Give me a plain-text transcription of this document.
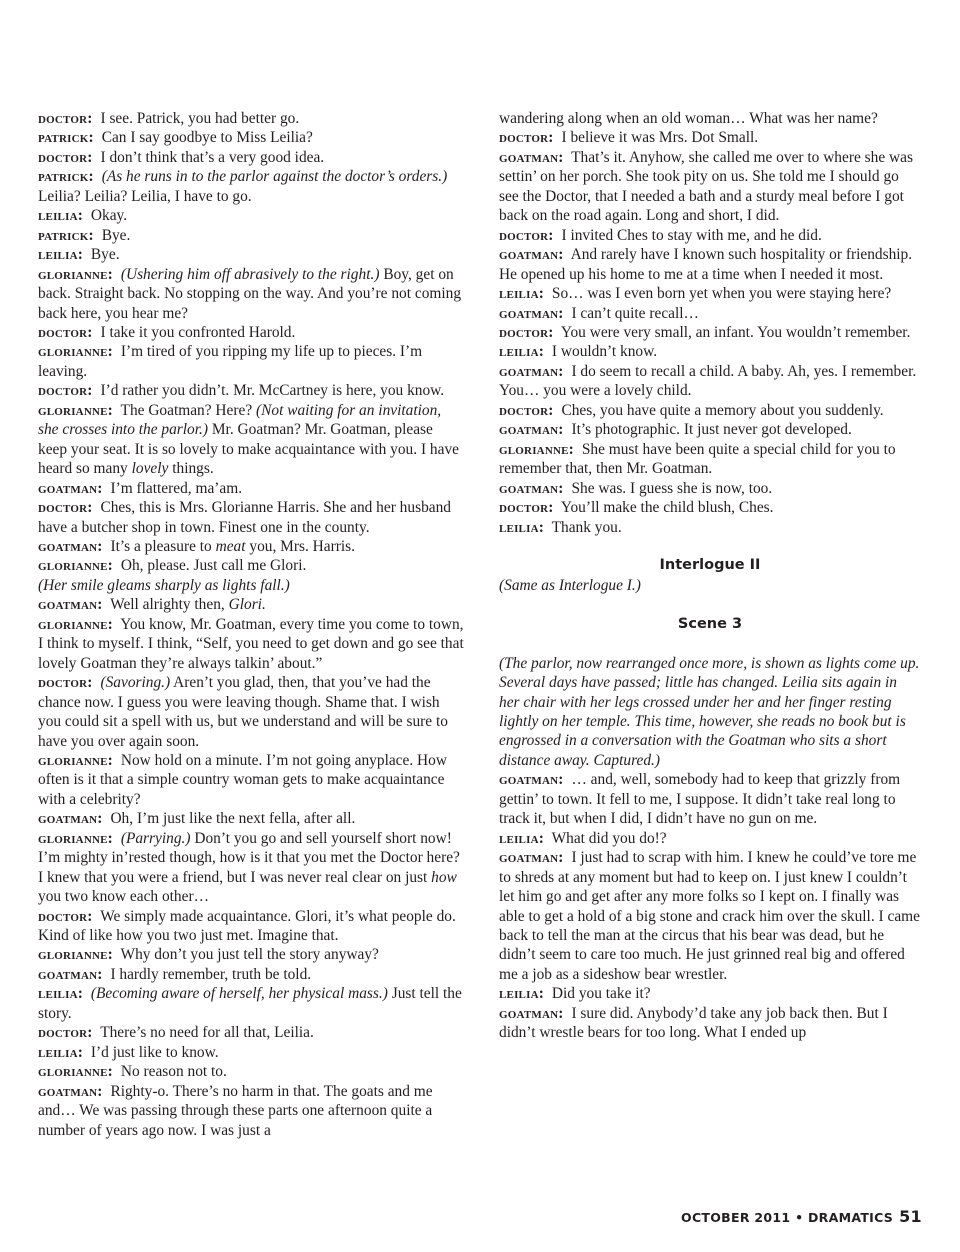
doctor: I see. Patrick, you had better go.

patrick: Can I say goodbye to Miss Leilia?

doctor: I don’t think that’s a very good idea.

patrick: (As he runs in to the parlor against the doctor’s orders.) Leilia? Leilia? Leilia, I have to go.

leilia: Okay.

patrick: Bye.

leilia: Bye.

glorianne: (Ushering him off abrasively to the right.) Boy, get on back. Straight back. No stopping on the way. And you’re not coming back here, you hear me?

doctor: I take it you confronted Harold.

glorianne: I’m tired of you ripping my life up to pieces. I’m leaving.

doctor: I’d rather you didn’t. Mr. McCartney is here, you know.

glorianne: The Goatman? Here? (Not waiting for an invitation, she crosses into the parlor.) Mr. Goatman? Mr. Goatman, please keep your seat. It is so lovely to make acquaintance with you. I have heard so many lovely things.

goatman: I’m flattered, ma’am.

doctor: Ches, this is Mrs. Glorianne Harris. She and her husband have a butcher shop in town. Finest one in the county.

goatman: It’s a pleasure to meat you, Mrs. Harris.

glorianne: Oh, please. Just call me Glori.

(Her smile gleams sharply as lights fall.)

goatman: Well alrighty then, Glori.

glorianne: You know, Mr. Goatman, every time you come to town, I think to myself. I think, “Self, you need to get down and go see that lovely Goatman they’re always talkin’ about.”

doctor: (Savoring.) Aren’t you glad, then, that you’ve had the chance now. I guess you were leaving though. Shame that. I wish you could sit a spell with us, but we understand and will be sure to have you over again soon.

glorianne: Now hold on a minute. I’m not going anyplace. How often is it that a simple country woman gets to make acquaintance with a celebrity?

goatman: Oh, I’m just like the next fella, after all.

glorianne: (Parrying.) Don’t you go and sell yourself short now! I’m mighty in’rested though, how is it that you met the Doctor here? I knew that you were a friend, but I was never real clear on just how you two know each other…

doctor: We simply made acquaintance. Glori, it’s what people do. Kind of like how you two just met. Imagine that.

glorianne: Why don’t you just tell the story anyway?

goatman: I hardly remember, truth be told.

leilia: (Becoming aware of herself, her physical mass.) Just tell the story.

doctor: There’s no need for all that, Leilia.

leilia: I’d just like to know.

glorianne: No reason not to.

goatman: Righty-o. There’s no harm in that. The goats and me and… We was passing through these parts one afternoon quite a number of years ago now. I was just a

wandering along when an old woman… What was her name?

doctor: I believe it was Mrs. Dot Small.

goatman: That’s it. Anyhow, she called me over to where she was settin’ on her porch. She took pity on us. She told me I should go see the Doctor, that I needed a bath and a sturdy meal before I got back on the road again. Long and short, I did.

doctor: I invited Ches to stay with me, and he did.

goatman: And rarely have I known such hospitality or friendship. He opened up his home to me at a time when I needed it most.

leilia: So… was I even born yet when you were staying here?

goatman: I can’t quite recall…

doctor: You were very small, an infant. You wouldn’t remember.

leilia: I wouldn’t know.

goatman: I do seem to recall a child. A baby. Ah, yes. I remember. You… you were a lovely child.

doctor: Ches, you have quite a memory about you suddenly.

goatman: It’s photographic. It just never got developed.

glorianne: She must have been quite a special child for you to remember that, then Mr. Goatman.

goatman: She was. I guess she is now, too.

doctor: You’ll make the child blush, Ches.

leilia: Thank you.

Interlogue II

(Same as Interlogue I.)

Scene 3

(The parlor, now rearranged once more, is shown as lights come up. Several days have passed; little has changed. Leilia sits again in her chair with her legs crossed under her and her finger resting lightly on her temple. This time, however, she reads no book but is engrossed in a conversation with the Goatman who sits a short distance away. Captured.)

goatman: … and, well, somebody had to keep that grizzly from gettin’ to town. It fell to me, I suppose. It didn’t take real long to track it, but when I did, I didn’t have no gun on me.

leilia: What did you do!?

goatman: I just had to scrap with him. I knew he could’ve tore me to shreds at any moment but had to keep on. I just knew I couldn’t let him go and get after any more folks so I kept on. I finally was able to get a hold of a big stone and crack him over the skull. I came back to tell the man at the circus that his bear was dead, but he didn’t seem to care too much. He just grinned real big and offered me a job as a sideshow bear wrestler.

leilia: Did you take it?

goatman: I sure did. Anybody’d take any job back then. But I didn’t wrestle bears for too long. What I ended up

OCTOBER 2011 • DRAMATICS 51
